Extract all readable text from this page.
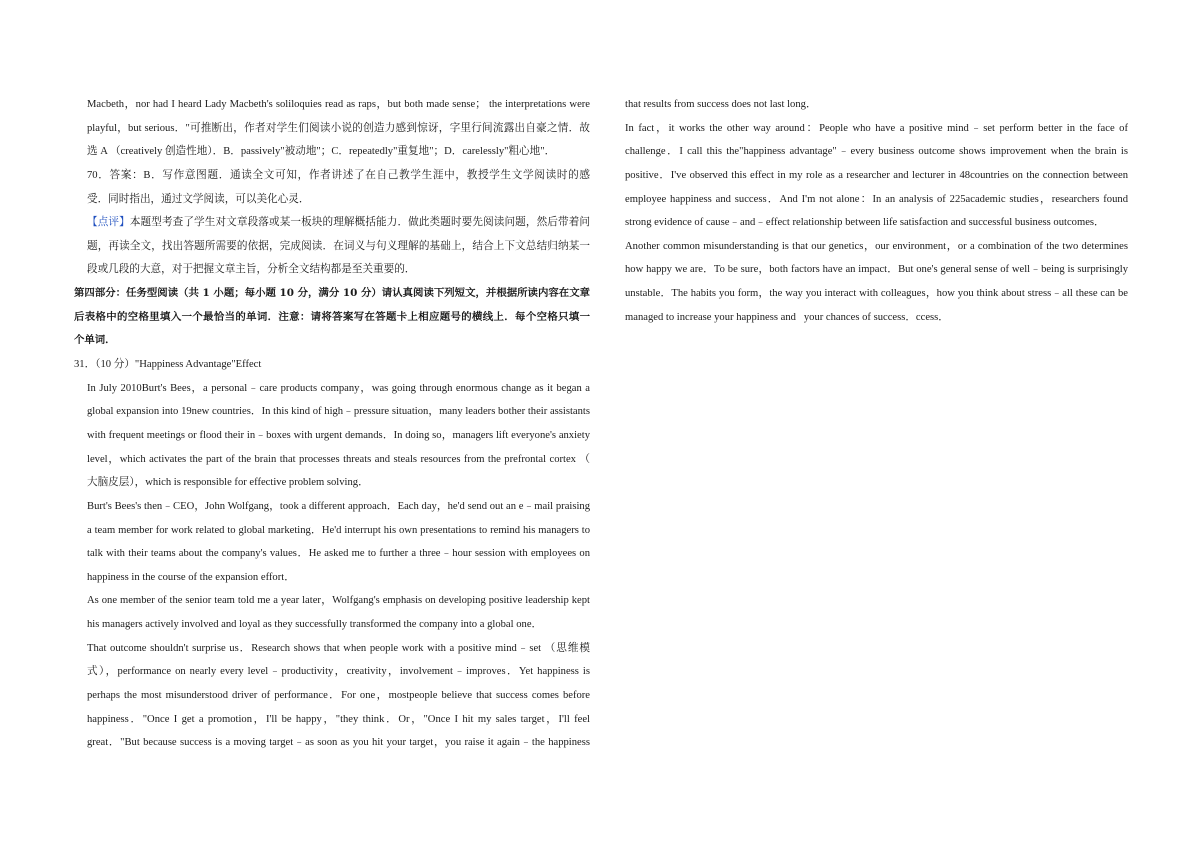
Macbeth，nor had I heard Lady Macbeth's soliloquies read as raps，but both made sense； the interpretations were
playful，but serious．"可推断出，作者对学生们阅读小说的创造力感到惊讶，字里行间流露出自豪之情．故
选 A （creatively 创造性地）．B．passively"被动地"；C．repeatedly"重复地"；D．carelessly"粗心地"．
70．答案：B．写作意图题．通读全文可知，作者讲述了在自己教学生涯中，教授学生文学阅读时的感
受．同时指出，通过文学阅读，可以美化心灵．
【点评】本题型考查了学生对文章段落或某一板块的理解概括能力．做此类题时要先阅读问题，然后带着问
题，再读全文，找出答题所需要的依据，完成阅读．在词义与句义理解的基础上，结合上下文总结归纳某一
段或几段的大意，对于把握文章主旨，分析全文结构都是至关重要的．
第四部分：任务型阅读（共 1 小题；每小题 10 分，满分 10 分）请认真阅读下列短文，并根据所读内容在文章
后表格中的空格里填入一个最恰当的单词．注意：请将答案写在答题卡上相应题号的横线上．每个空格只填一
个单词．
31．（10 分）"Happiness Advantage"Effect
In July 2010Burt's Bees，a personal﹣care products company，was going through enormous change as it began a
global expansion into 19new countries．In this kind of high﹣pressure situation，many leaders bother their assistants
with frequent meetings or flood their in﹣boxes with urgent demands．In doing so，managers lift everyone's anxiety
level，which activates the part of the brain that processes threats and steals resources from the prefrontal cortex （
大脑皮层），which is responsible for effective problem solving．
Burt's Bees's then﹣CEO，John Wolfgang，took a different approach．Each day，he'd send out an e﹣mail praising
a team member for work related to global marketing．He'd interrupt his own presentations to remind his managers to
talk with their teams about the company's values．He asked me to further a three﹣hour session with employees on
happiness in the course of the expansion effort．
As one member of the senior team told me a year later，Wolfgang's emphasis on developing positive leadership kept
his managers actively involved and loyal as they successfully transformed the company into a global one．
That outcome shouldn't surprise us．Research shows that when people work with a positive mind﹣set （思维模
式），performance on nearly every level﹣productivity，creativity，involvement﹣improves．Yet happiness is
perhaps the most misunderstood driver of performance．For one，mostpeople believe that success comes before
happiness．"Once I get a promotion，I'll be happy，"they think．Or，"Once I hit my sales target，I'll feel
great．"But because success is a moving target﹣as soon as you hit your target，you raise it again﹣the happiness
that results from success does not last long．
In fact，it works the other way around：People who have a positive mind﹣set perform better in the face of
challenge．I call this the"happiness advantage"﹣every business outcome shows improvement when the brain is
positive．I've observed this effect in my role as a researcher and lecturer in 48countries on the connection between
employee happiness and success．And I'm not alone：In an analysis of 225academic studies，researchers found
strong evidence of cause﹣and﹣effect relationship between life satisfaction and successful business outcomes．
Another common misunderstanding is that our genetics，our environment，or a combination of the two determines
how happy we are．To be sure，both factors have an impact．But one's general sense of well﹣being is surprisingly
unstable．The habits you form，the way you interact with colleagues，how you think about stress﹣all these can be
managed to increase your happiness and   your chances of success．ccess．
